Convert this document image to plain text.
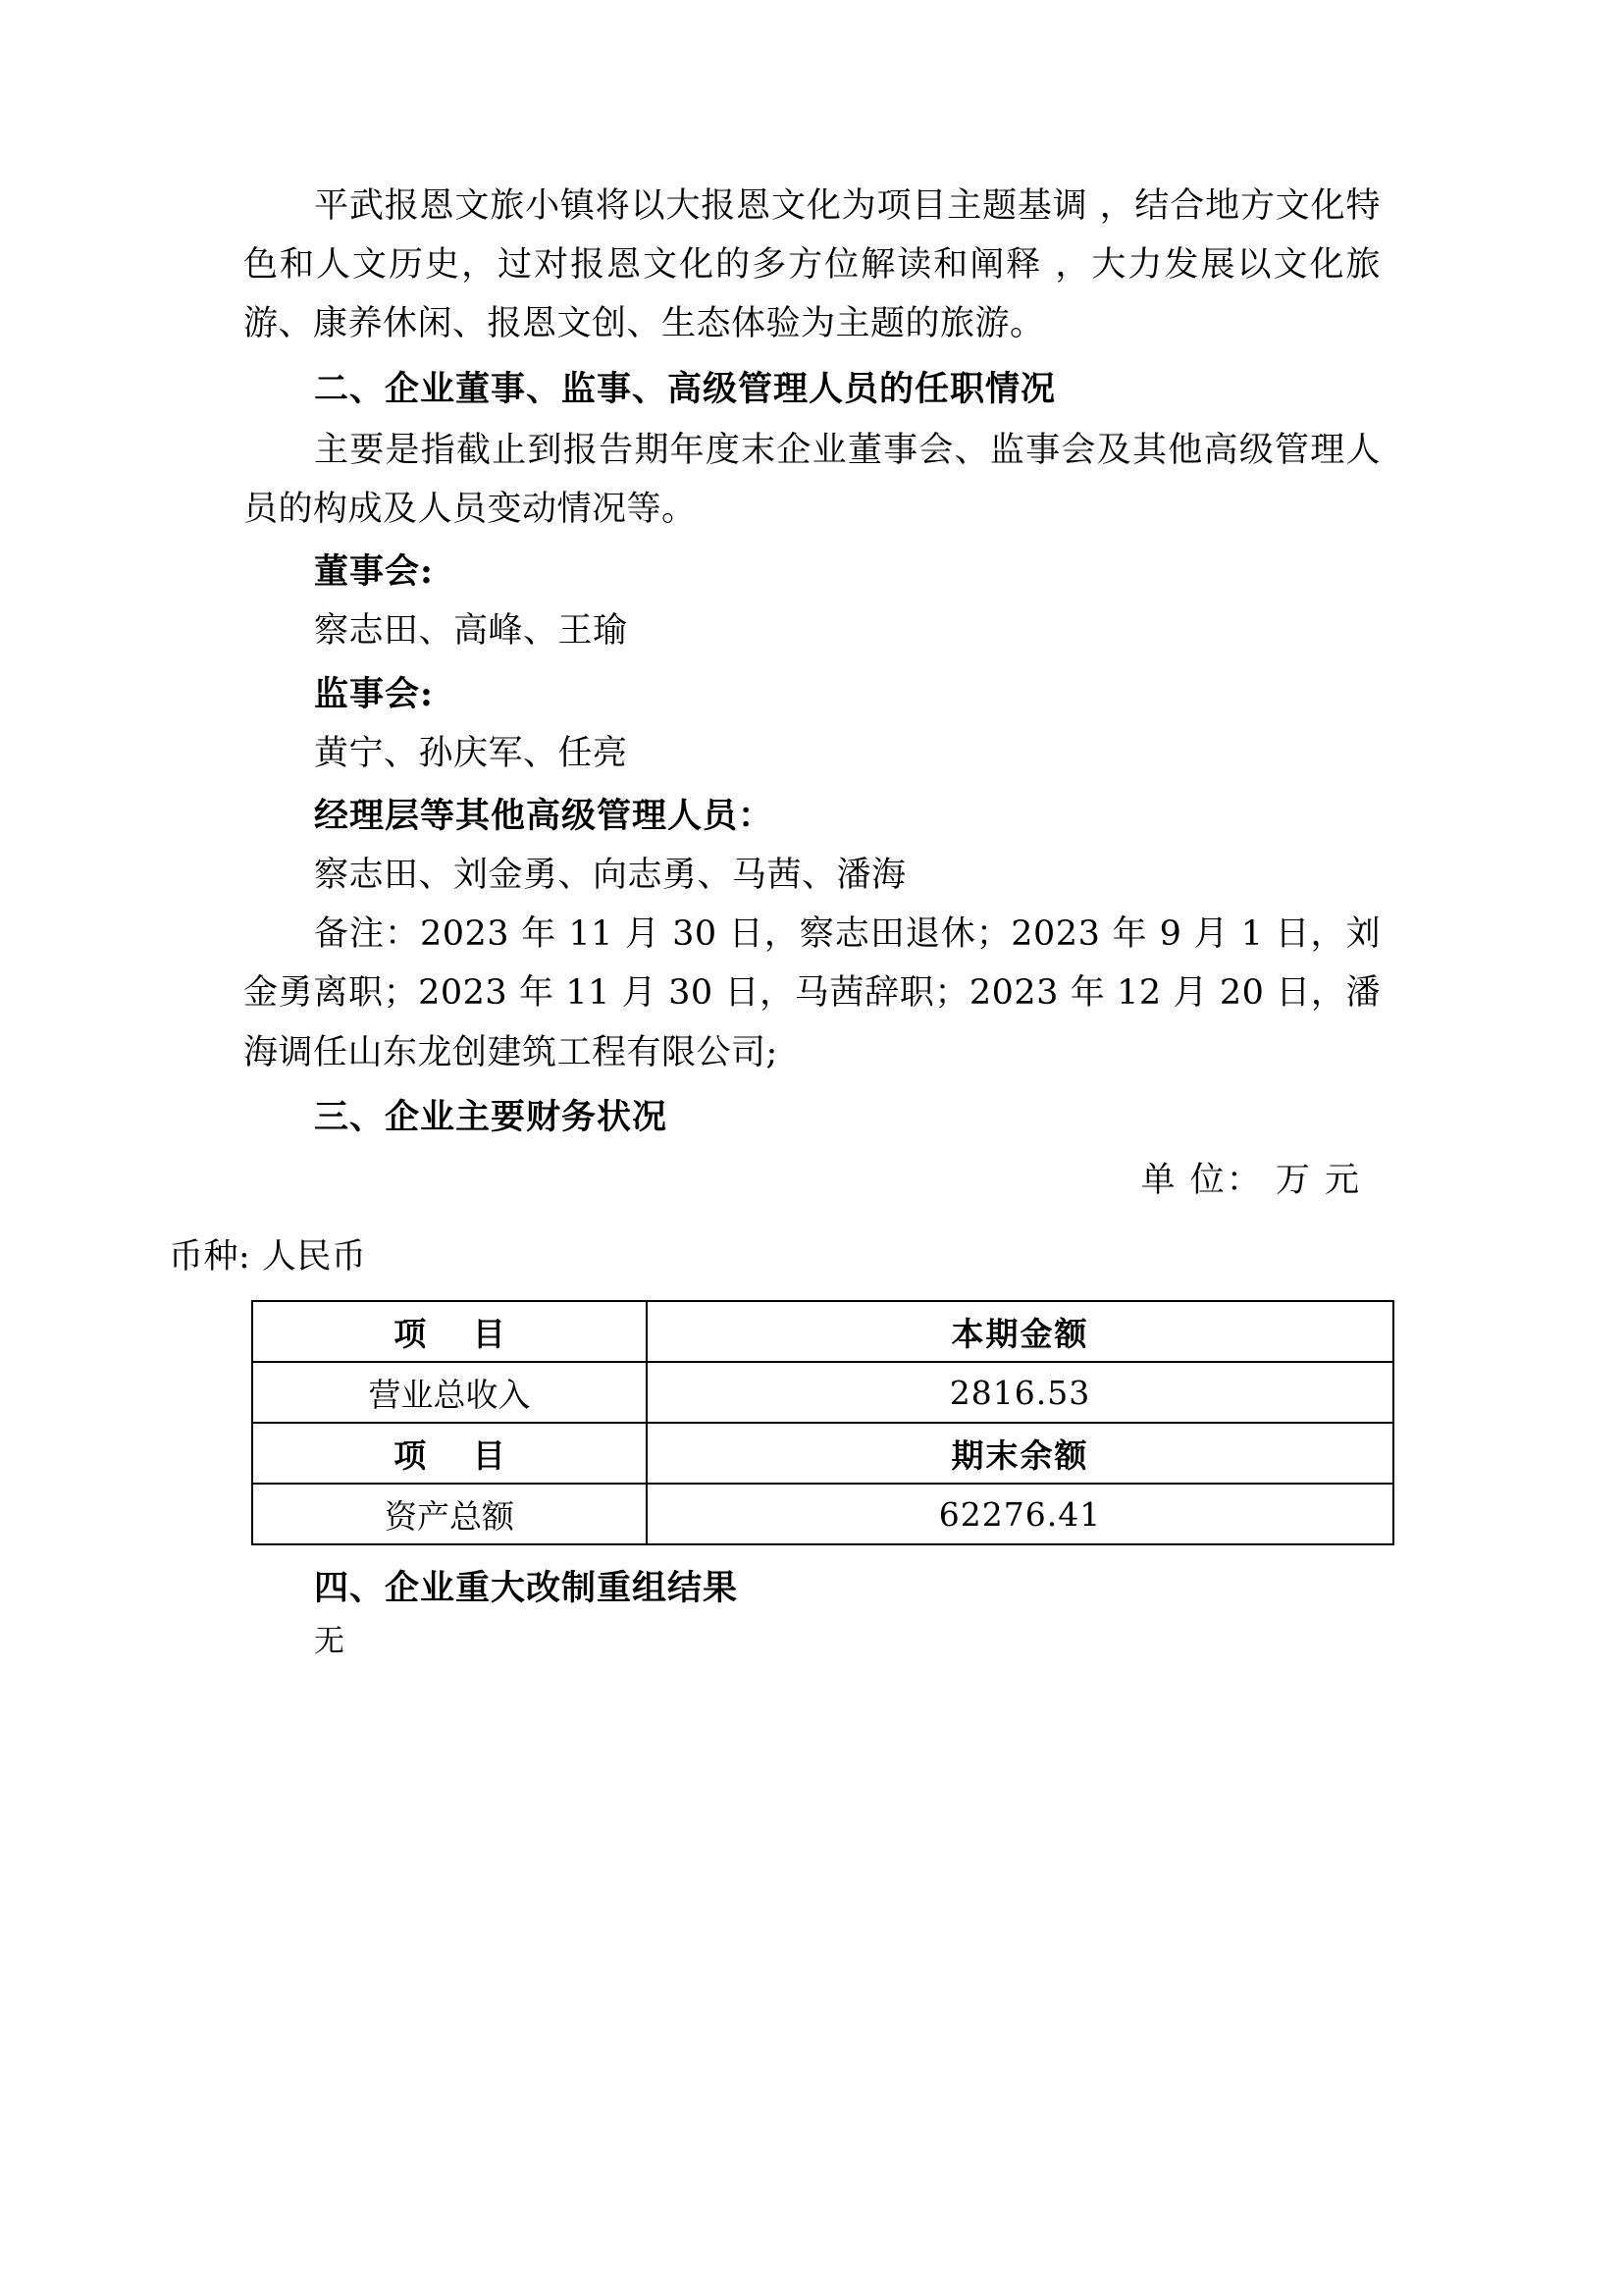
平武报恩文旅小镇将以大报恩文化为项目主题基调 ，结合地方文化特色和人文历史，过对报恩文化的多方位解读和阐释 ，大力发展以文化旅游、康养休闲、报恩文创、生态体验为主题的旅游。

二、企业董事、监事、高级管理人员的任职情况

主要是指截止到报告期年度末企业董事会、监事会及其他高级管理人员的构成及人员变动情况等。

董事会:

察志田、高峰、王瑜

监事会:

黄宁、孙庆军、任亮

经理层等其他高级管理人员：

察志田、刘金勇、向志勇、马茜、潘海

备注：2023 年 11 月 30 日，察志田退休；2023 年 9 月 1 日，刘金勇离职；2023 年 11 月 30 日，马茜辞职；2023 年 12 月 20 日，潘海调任山东龙创建筑工程有限公司;

三、企业主要财务状况

单 位： 万 元

币种: 人民币

项 目	本期金额
营业总收入	2816.53
项 目	期末余额
资产总额	62276.41

四、企业重大改制重组结果

无
